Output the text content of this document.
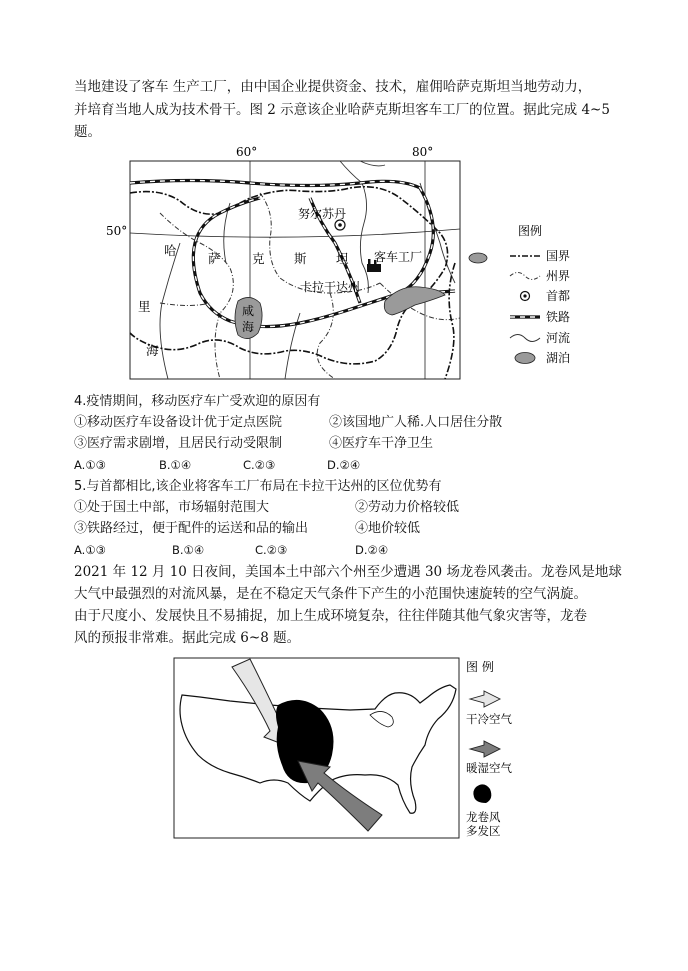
当地建设了客车 生产工厂，由中国企业提供资金、技术，雇佣哈萨克斯坦当地劳动力，
并培育当地人成为技术骨干。图 2 示意该企业哈萨克斯坦客车工厂的位置。据此完成 4~5
题。
60°	80°
50°
努尔苏丹
哈
萨	克 斯 坦 客车工厂
卡拉干达州
里
海
咸
海
图例
国界
州界
首都
铁路
河流
湖泊
4.疫情期间，移动医疗车广受欢迎的原因有
①移动医疗车设备设计优于定点医院	②该国地广人稀.人口居住分散
③医疗需求剧增，且居民行动受限制	④医疗车干净卫生
A.①③	B.①④	C.②③	D.②④
5.与首都相比,该企业将客车工厂布局在卡拉干达州的区位优势有
①处于国土中部，市场辐射范围大	②劳动力价格较低
③铁路经过，便于配件的运送和品的输出	④地价较低
A.①③	B.①④	C.②③	D.②④
2021 年 12 月 10 日夜间，美国本土中部六个州至少遭遇 30 场龙卷风袭击。龙卷风是地球
大气中最强烈的对流风暴，是在不稳定天气条件下产生的小范围快速旋转的空气涡旋。
由于尺度小、发展快且不易捕捉，加上生成环境复杂，往往伴随其他气象灾害等，龙卷
风的预报非常难。据此完成 6~8 题。
图 例
干冷空气
暖湿空气
龙卷风
多发区
